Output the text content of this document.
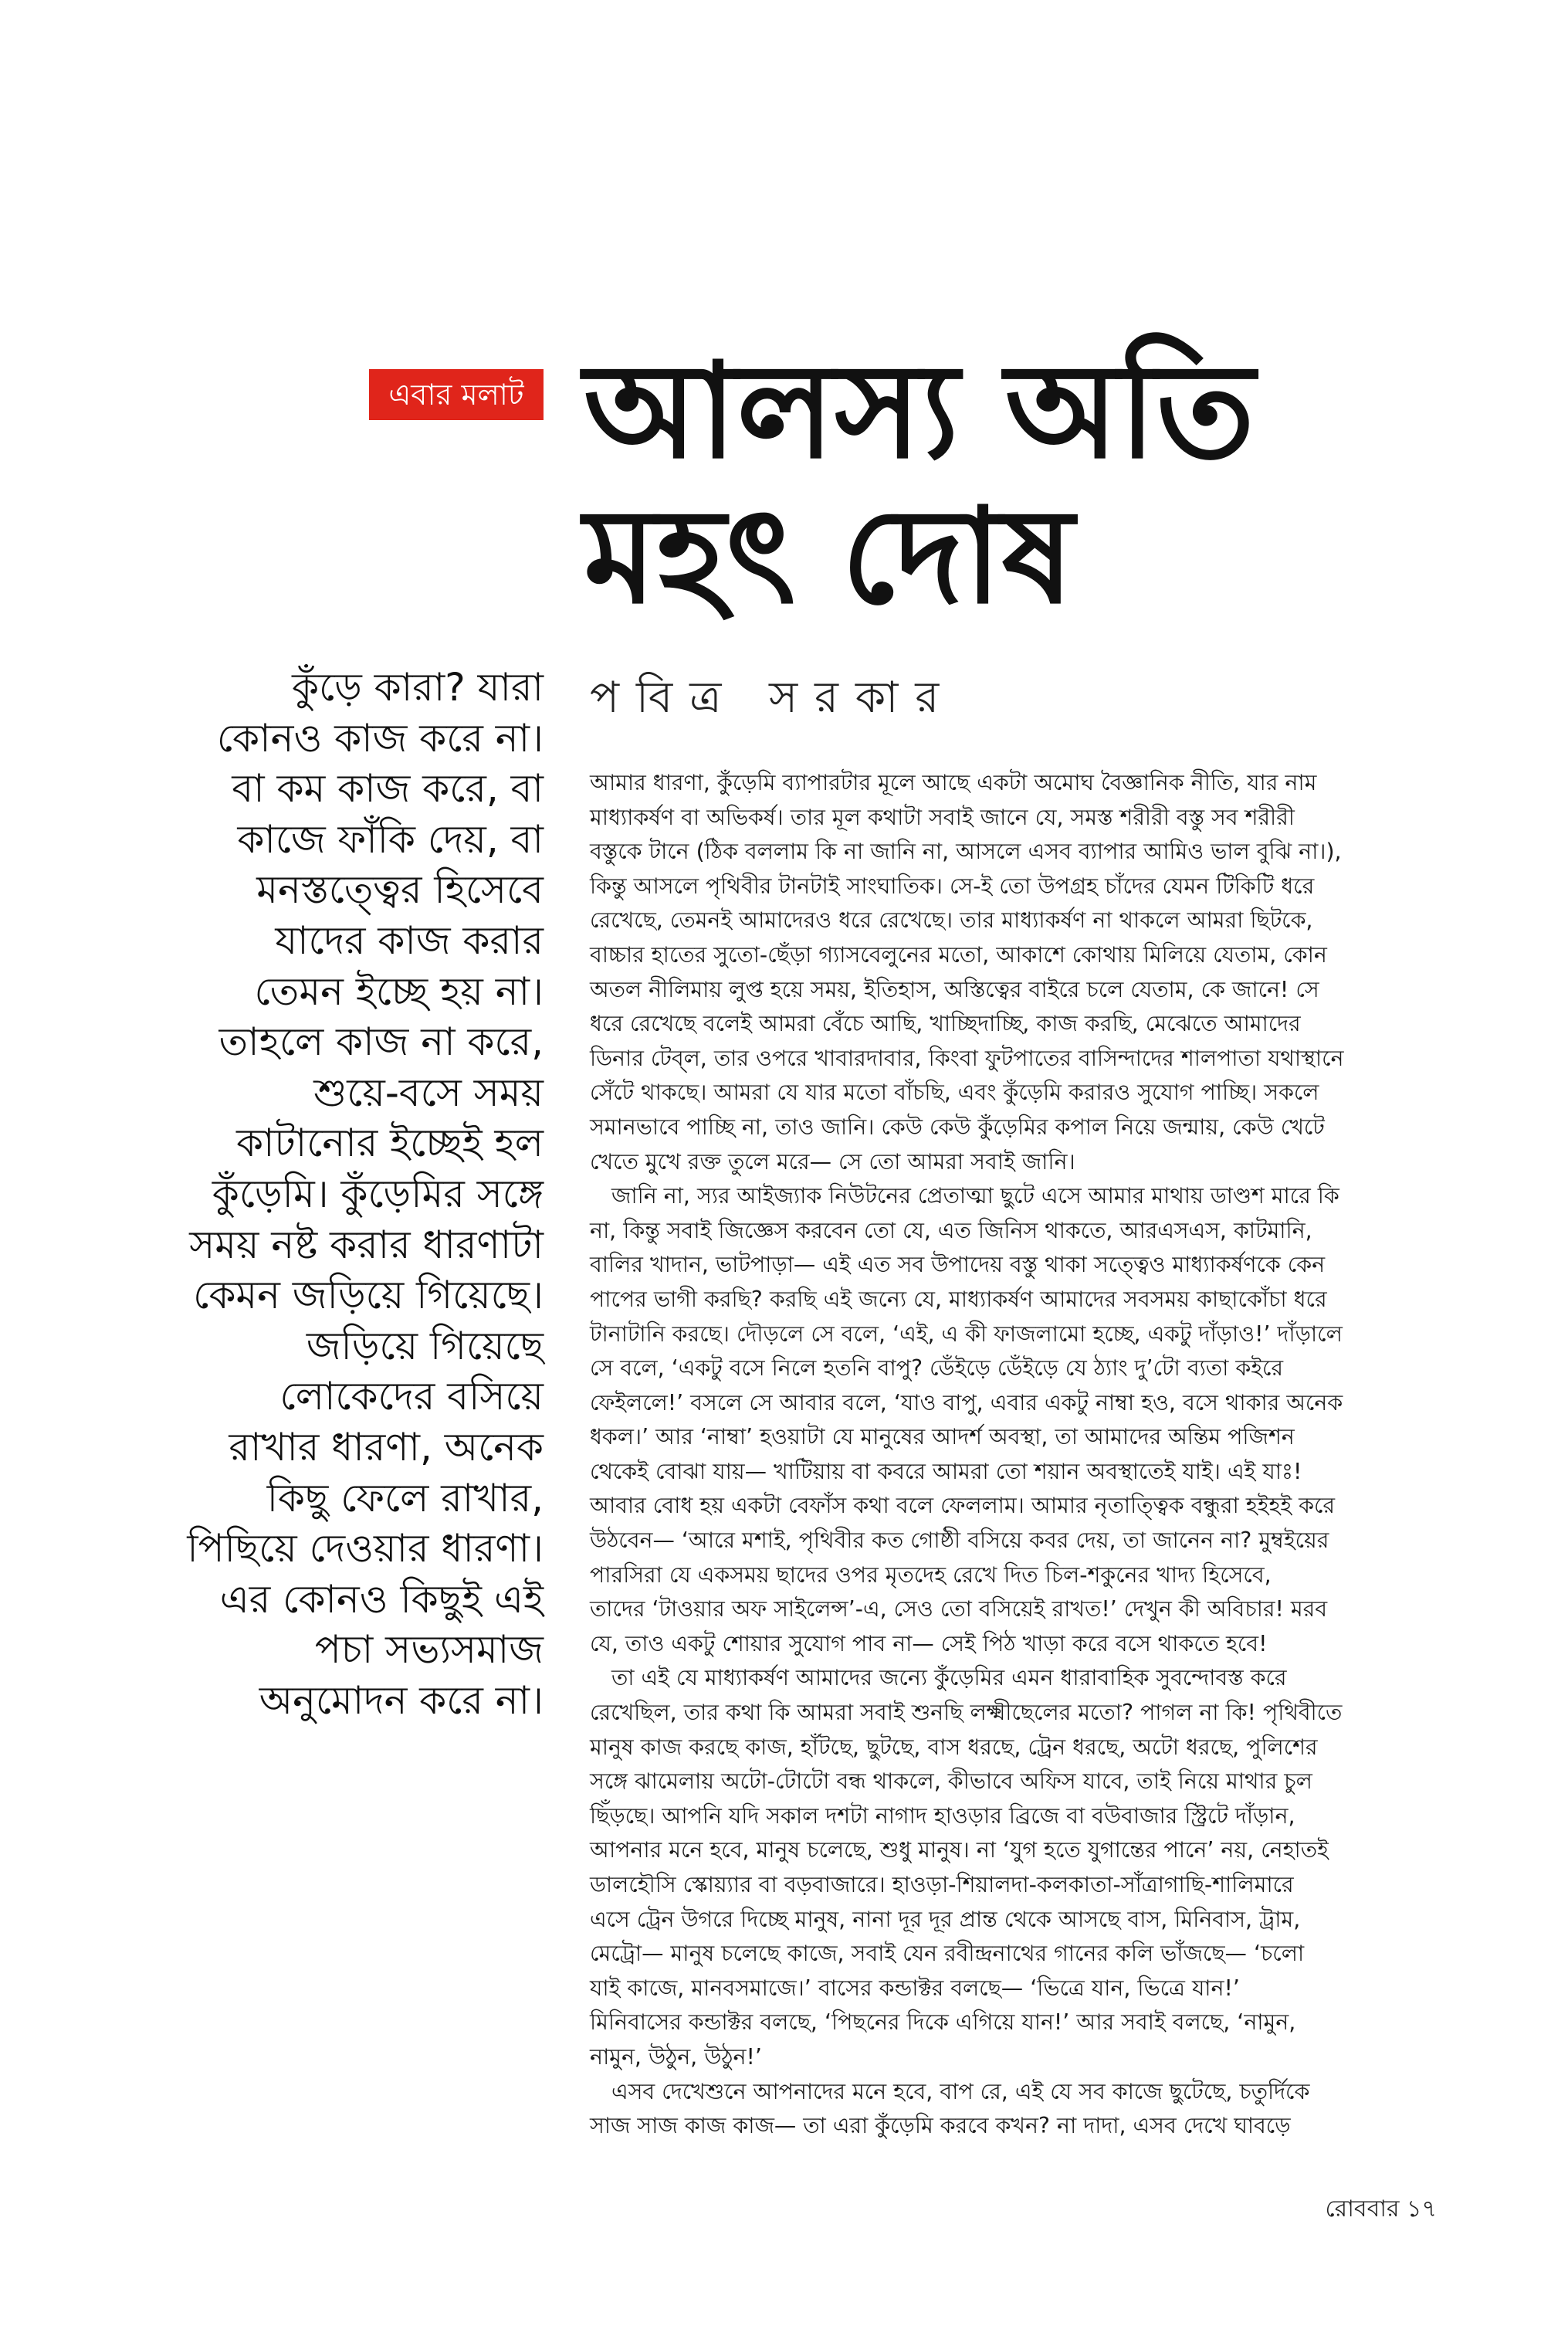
এবার মলাট আলস্য অতি
মহৎ দোষ
পবিত্র সরকার
কুঁড়ে কারা? যারা
কোনও কাজ করে না।
বা কম কাজ করে, বা
কাজে ফাঁকি দেয়, বা
মনস্তত্ত্বের হিসেবে
যাদের কাজ করার
তেমন ইচ্ছে হয় না।
তাহলে কাজ না করে,
শুয়ে-বসে সময়
কাটানোর ইচ্ছেই হল
কুঁড়েমি। কুঁড়েমির সঙ্গে
সময় নষ্ট করার ধারণাটা
কেমন জড়িয়ে গিয়েছে।
জড়িয়ে গিয়েছে
লোকেদের বসিয়ে
রাখার ধারণা, অনেক
কিছু ফেলে রাখার,
পিছিয়ে দেওয়ার ধারণা।
এর কোনও কিছুই এই
পচা সভ্যসমাজ
অনুমোদন করে না।
আমার ধারণা, কুঁড়েমি ব্যাপারটার মূলে আছে একটা অমোঘ বৈজ্ঞানিক নীতি, যার নাম
মাধ্যাকর্ষণ বা অভিকর্ষ। তার মূল কথাটা সবাই জানে যে, সমস্ত শরীরী বস্তু সব শরীরী
বস্তুকে টানে (ঠিক বললাম কি না জানি না, আসলে এসব ব্যাপার আমিও ভাল বুঝি না।),
কিন্তু আসলে পৃথিবীর টানটাই সাংঘাতিক। সে-ই তো উপগ্রহ চাঁদের যেমন টিকিটি ধরে
রেখেছে, তেমনই আমাদেরও ধরে রেখেছে। তার মাধ্যাকর্ষণ না থাকলে আমরা ছিটকে,
বাচ্চার হাতের সুতো-ছেঁড়া গ্যাসবেলুনের মতো, আকাশে কোথায় মিলিয়ে যেতাম, কোন
অতল নীলিমায় লুপ্ত হয়ে সময়, ইতিহাস, অস্তিত্বের বাইরে চলে যেতাম, কে জানে! সে
ধরে রেখেছে বলেই আমরা বেঁচে আছি, খাচ্ছিদাচ্ছি, কাজ করছি, মেঝেতে আমাদের
ডিনার টেব্‌ল, তার ওপরে খাবারদাবার, কিংবা ফুটপাতের বাসিন্দাদের শালপাতা যথাস্থানে
সেঁটে থাকছে। আমরা যে যার মতো বাঁচছি, এবং কুঁড়েমি করারও সুযোগ পাচ্ছি। সকলে
সমানভাবে পাচ্ছি না, তাও জানি। কেউ কেউ কুঁড়েমির কপাল নিয়ে জন্মায়, কেউ খেটে
খেতে মুখে রক্ত তুলে মরে— সে তো আমরা সবাই জানি।
জানি না, স্যর আইজ্যাক নিউটনের প্রেতাত্মা ছুটে এসে আমার মাথায় ডাণ্ডশ মারে কি
না, কিন্তু সবাই জিজ্ঞেস করবেন তো যে, এত জিনিস থাকতে, আরএসএস, কাটমানি,
বালির খাদান, ভাটপাড়া— এই এত সব উপাদেয় বস্তু থাকা সত্ত্বেও মাধ্যাকর্ষণকে কেন
পাপের ভাগী করছি? করছি এই জন্যে যে, মাধ্যাকর্ষণ আমাদের সবসময় কাছাকোঁচা ধরে
টানাটানি করছে। দৌড়লে সে বলে, ‘এই, এ কী ফাজলামো হচ্ছে, একটু দাঁড়াও!’ দাঁড়ালে
সে বলে, ‘একটু বসে নিলে হতনি বাপু? ডেঁইড়ে ডেঁইড়ে যে ঠ্যাং দু’টো ব্যতা কইরে
ফেইললে!’ বসলে সে আবার বলে, ‘যাও বাপু, এবার একটু নাম্বা হও, বসে থাকার অনেক
ধকল।’ আর ‘নাম্বা’ হওয়াটা যে মানুষের আদর্শ অবস্থা, তা আমাদের অন্তিম পজিশন
থেকেই বোঝা যায়— খাটিয়ায় বা কবরে আমরা তো শয়ান অবস্থাতেই যাই। এই যাঃ!
আবার বোধ হয় একটা বেফাঁস কথা বলে ফেললাম। আমার নৃতাত্ত্বিক বন্ধুরা হইহই করে
উঠবেন— ‘আরে মশাই, পৃথিবীর কত গোষ্ঠী বসিয়ে কবর দেয়, তা জানেন না? মুম্বইয়ের
পারসিরা যে একসময় ছাদের ওপর মৃতদেহ রেখে দিত চিল-শকুনের খাদ্য হিসেবে,
তাদের ‘টাওয়ার অফ সাইলেন্স’-এ, সেও তো বসিয়েই রাখত!’ দেখুন কী অবিচার! মরব
যে, তাও একটু শোয়ার সুযোগ পাব না— সেই পিঠ খাড়া করে বসে থাকতে হবে!
তা এই যে মাধ্যাকর্ষণ আমাদের জন্যে কুঁড়েমির এমন ধারাবাহিক সুবন্দোবস্ত করে
রেখেছিল, তার কথা কি আমরা সবাই শুনছি লক্ষ্মীছেলের মতো? পাগল না কি! পৃথিবীতে
মানুষ কাজ করছে কাজ, হাঁটছে, ছুটছে, বাস ধরছে, ট্রেন ধরছে, অটো ধরছে, পুলিশের
সঙ্গে ঝামেলায় অটো-টোটো বন্ধ থাকলে, কীভাবে অফিস যাবে, তাই নিয়ে মাথার চুল
ছিঁড়ছে। আপনি যদি সকাল দশটা নাগাদ হাওড়ার ব্রিজে বা বউবাজার স্ট্রিটে দাঁড়ান,
আপনার মনে হবে, মানুষ চলেছে, শুধু মানুষ। না ‘যুগ হতে যুগান্তের পানে’ নয়, নেহাতই
ডালহৌসি স্কোয়্যার বা বড়বাজারে। হাওড়া-শিয়ালদা-কলকাতা-সাঁত্রাগাছি-শালিমারে
এসে ট্রেন উগরে দিচ্ছে মানুষ, নানা দূর দূর প্রান্ত থেকে আসছে বাস, মিনিবাস, ট্রাম,
মেট্রো— মানুষ চলেছে কাজে, সবাই যেন রবীন্দ্রনাথের গানের কলি ভাঁজছে— ‘চলো
যাই কাজে, মানবসমাজে।’ বাসের কন্ডাক্টর বলছে— ‘ভিত্রে যান, ভিত্রে যান!’
মিনিবাসের কন্ডাক্টর বলছে, ‘পিছনের দিকে এগিয়ে যান!’ আর সবাই বলছে, ‘নামুন,
নামুন, উঠুন, উঠুন!’
এসব দেখেশুনে আপনাদের মনে হবে, বাপ রে, এই যে সব কাজে ছুটেছে, চতুর্দিকে
সাজ সাজ কাজ কাজ— তা এরা কুঁড়েমি করবে কখন? না দাদা, এসব দেখে ঘাবড়ে
রোববার ১৭
